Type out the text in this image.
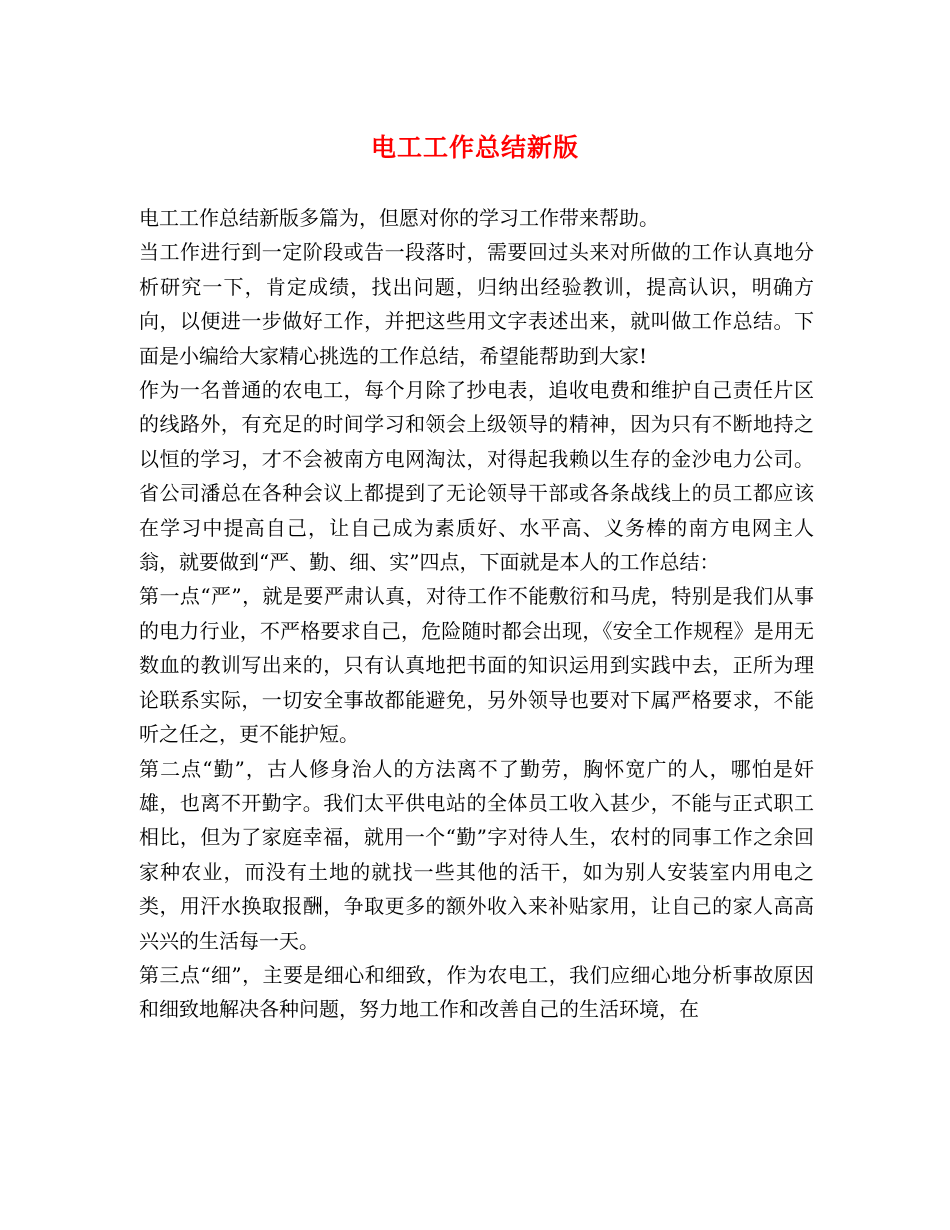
电工工作总结新版

电工工作总结新版多篇为，但愿对你的学习工作带来帮助。

当工作进行到一定阶段或告一段落时，需要回过头来对所做的工作认真地分析研究一下，肯定成绩，找出问题，归纳出经验教训，提高认识，明确方向，以便进一步做好工作，并把这些用文字表述出来，就叫做工作总结。下面是小编给大家精心挑选的工作总结，希望能帮助到大家!

作为一名普通的农电工，每个月除了抄电表，追收电费和维护自己责任片区的线路外，有充足的时间学习和领会上级领导的精神，因为只有不断地持之以恒的学习，才不会被南方电网淘汰，对得起我赖以生存的金沙电力公司。省公司潘总在各种会议上都提到了无论领导干部或各条战线上的员工都应该在学习中提高自己，让自己成为素质好、水平高、义务棒的南方电网主人翁，就要做到“严、勤、细、实”四点，下面就是本人的工作总结：

第一点“严”，就是要严肃认真，对待工作不能敷衍和马虎，特别是我们从事的电力行业，不严格要求自己，危险随时都会出现，《安全工作规程》是用无数血的教训写出来的，只有认真地把书面的知识运用到实践中去，正所为理论联系实际，一切安全事故都能避免，另外领导也要对下属严格要求，不能听之任之，更不能护短。

第二点“勤”，古人修身治人的方法离不了勤劳，胸怀宽广的人，哪怕是奸雄，也离不开勤字。我们太平供电站的全体员工收入甚少，不能与正式职工相比，但为了家庭幸福，就用一个“勤”字对待人生，农村的同事工作之余回家种农业，而没有土地的就找一些其他的活干，如为别人安装室内用电之类，用汗水换取报酬，争取更多的额外收入来补贴家用，让自己的家人高高兴兴的生活每一天。

第三点“细”，主要是细心和细致，作为农电工，我们应细心地分析事故原因和细致地解决各种问题，努力地工作和改善自己的生活环境，在
